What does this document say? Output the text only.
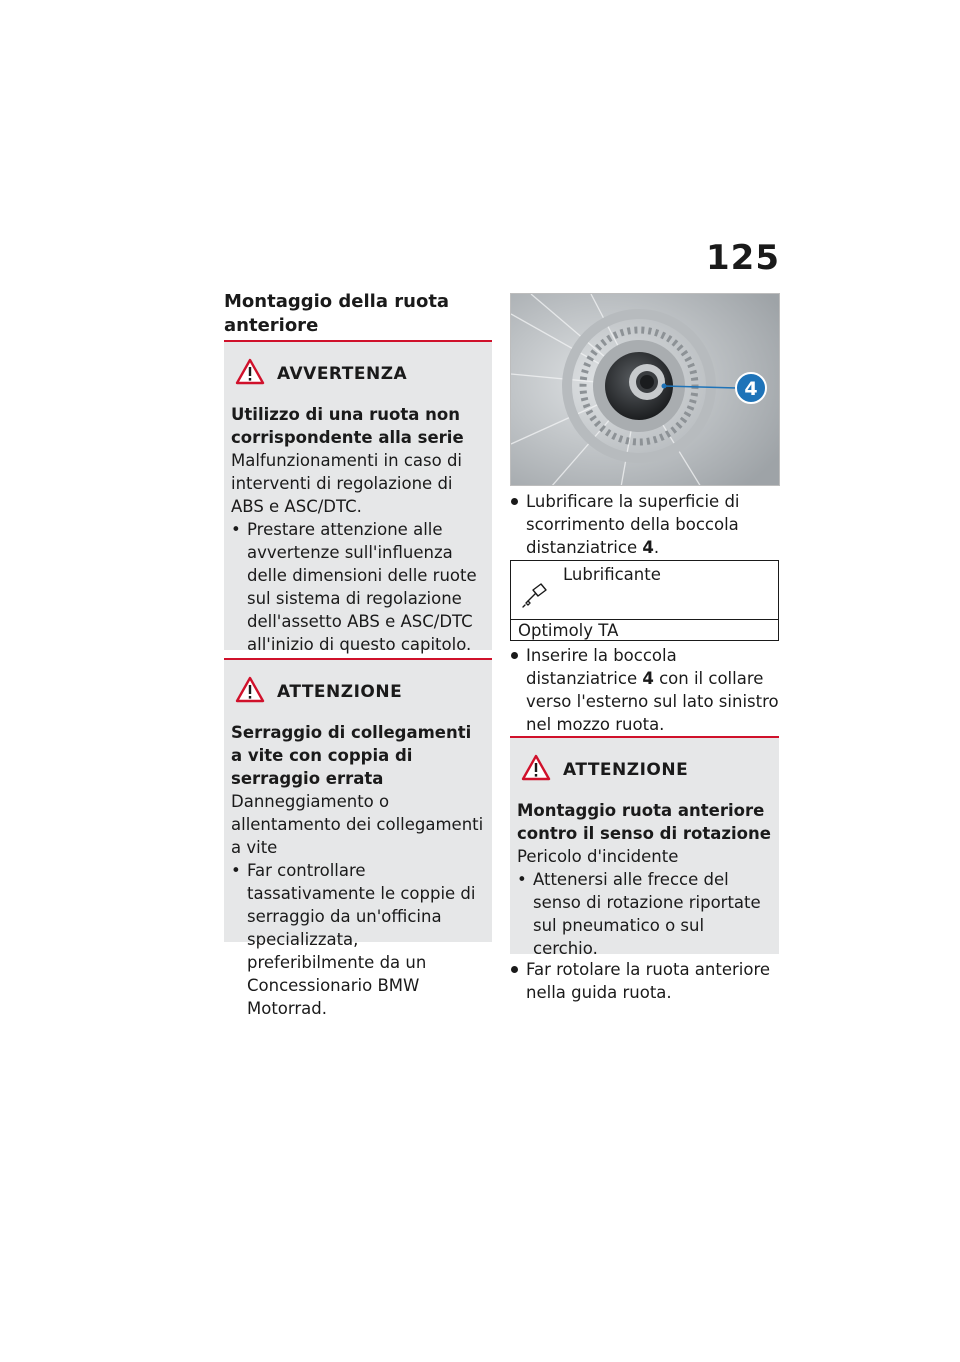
125
Montaggio della ruota anteriore
AVVERTENZA
Utilizzo di una ruota non corrispondente alla serie
Malfunzionamenti in caso di interventi di regolazione di ABS e ASC/DTC.
• Prestare attenzione alle avvertenze sull'influenza delle dimensioni delle ruote sul sistema di regolazione dell'assetto ABS e ASC/DTC all'inizio di questo capitolo.
ATTENZIONE
Serraggio di collegamenti a vite con coppia di serraggio errata
Danneggiamento o allentamento dei collegamenti a vite
• Far controllare tassativamente le coppie di serraggio da un'officina specializzata, preferibilmente da un Concessionario BMW Motorrad.
4
Lubrificare la superficie di scorrimento della boccola distanziatrice 4.
Lubrificante
Optimoly TA
Inserire la boccola distanziatrice 4 con il collare verso l'esterno sul lato sinistro nel mozzo ruota.
ATTENZIONE
Montaggio ruota anteriore contro il senso di rotazione
Pericolo d'incidente
• Attenersi alle frecce del senso di rotazione riportate sul pneumatico o sul cerchio.
Far rotolare la ruota anteriore nella guida ruota.
